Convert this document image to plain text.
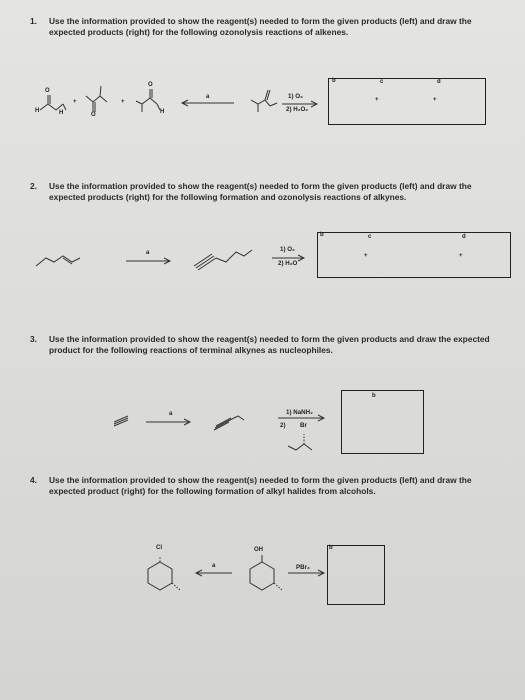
1. Use the information provided to show the reagent(s) needed to form the given products (left) and draw the expected products (right) for the following ozonolysis reactions of alkenes.
2. Use the information provided to show the reagent(s) needed to form the given products (left) and draw the expected products (right) for the following formation and ozonolysis reactions of alkynes.
3. Use the information provided to show the reagent(s) needed to form the given products and draw the expected product for the following reactions of terminal alkynes as nucleophiles.
4. Use the information provided to show the reagent(s) needed to form the given products (left) and draw the expected product (right) for the following formation of alkyl halides from alcohols.
O
H	H
+
O
+
O
H
a	1) O₃
2) H₂O₂
b	c	d
+	+
a	1) O₃
2) H₂O
b	c	d
+	+
a	1) NaNH₂
2) Br
b
Cl
a
OH
PBr₃
b
